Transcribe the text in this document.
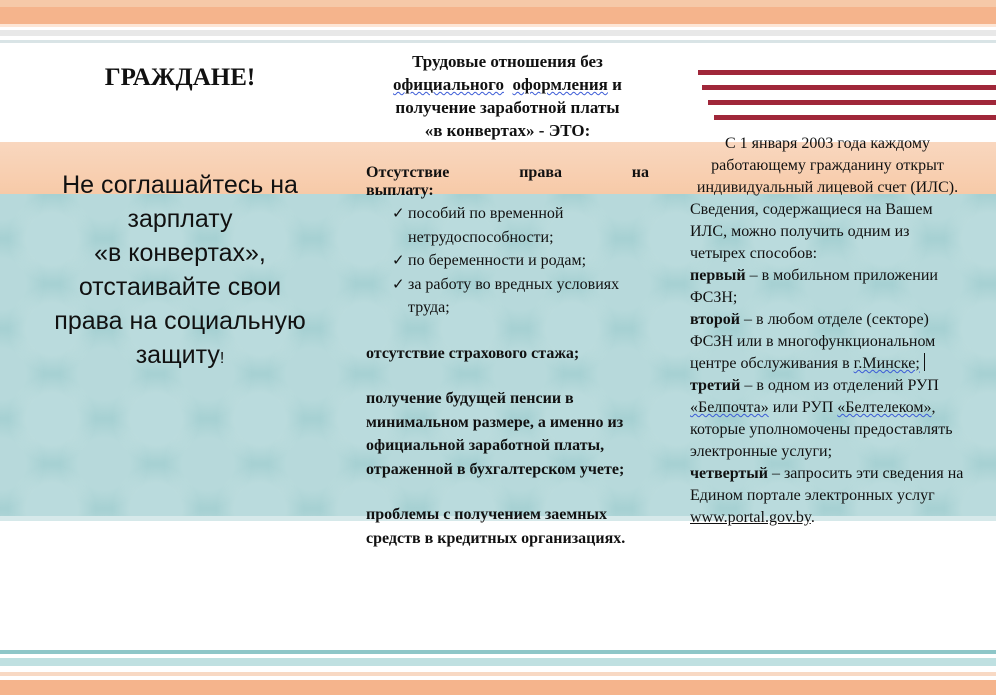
ГРАЖДАНЕ!
Не соглашайтесь на
зарплату
«в конвертах»,
отстаивайте свои
права на социальную
защиту!

Трудовые отношения без
официального оформления и
получение заработной платы
«в конвертах» - ЭТО:

Отсутствие	права	на

выплату:

✓ пособий по временной нетрудоспособности;
✓ по беременности и родам;
✓ за работу во вредных условиях труда;

отсутствие страхового стажа;

получение будущей пенсии в минимальном размере, а именно из официальной заработной платы, отраженной в бухгалтерском учете;

проблемы с получением заемных средств в кредитных организациях.

С 1 января 2003 года каждому работающему гражданину открыт индивидуальный лицевой счет (ИЛС).

Сведения, содержащиеся на Вашем ИЛС, можно получить одним из четырех способов:

первый – в мобильном приложении ФСЗН;

второй – в любом отделе (секторе) ФСЗН или в многофункциональном центре обслуживания в г.Минске;

третий – в одном из отделений РУП «Белпочта» или РУП «Белтелеком», которые уполномочены предоставлять электронные услуги;

четвертый – запросить эти сведения на Едином портале электронных услуг www.portal.gov.by.
